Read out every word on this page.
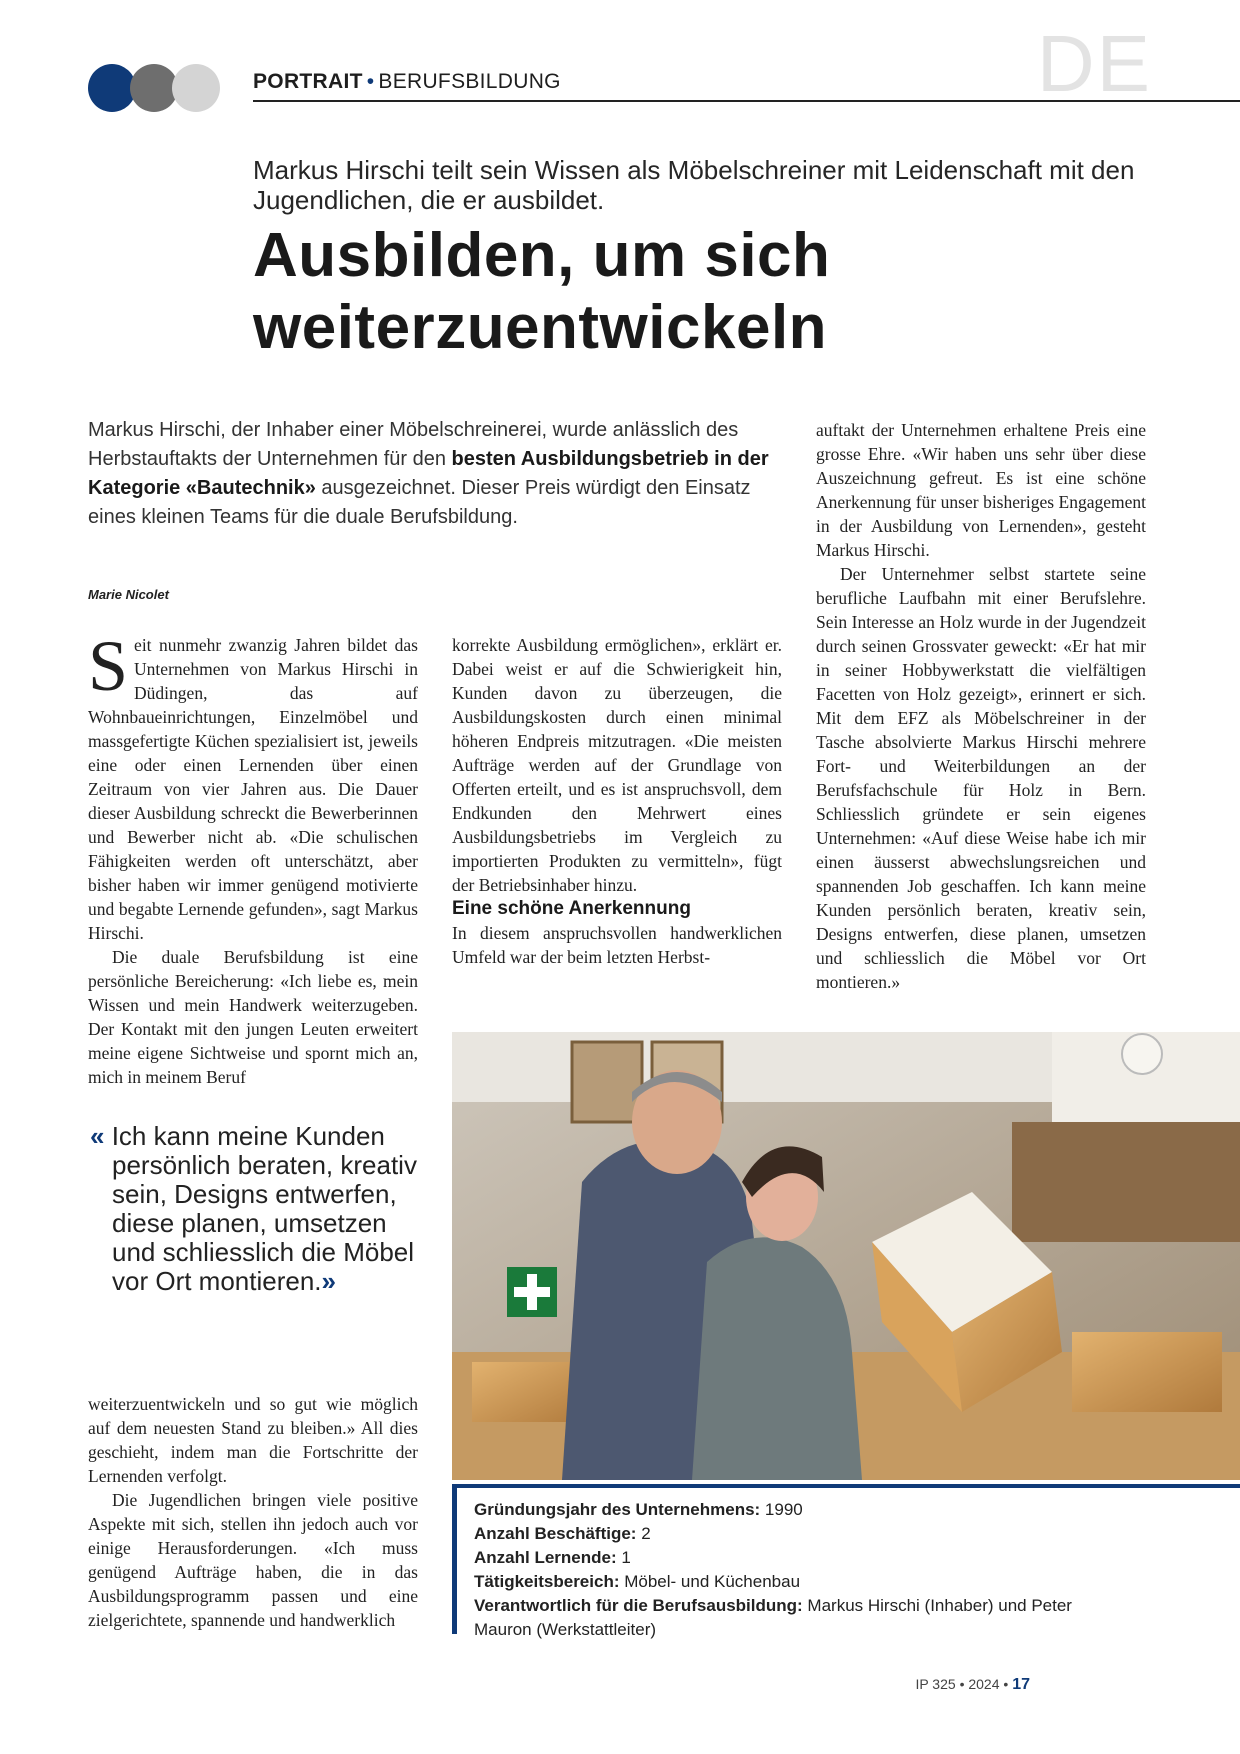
PORTRAIT • BERUFSBILDUNG	DE
Markus Hirschi teilt sein Wissen als Möbelschreiner mit Leidenschaft mit den Jugendlichen, die er ausbildet.
Ausbilden, um sich weiterzuentwickeln
Markus Hirschi, der Inhaber einer Möbelschreinerei, wurde anlässlich des Herbstauftakts der Unternehmen für den besten Ausbildungsbetrieb in der Kategorie «Bautechnik» ausgezeichnet. Dieser Preis würdigt den Einsatz eines kleinen Teams für die duale Berufsbildung.
Marie Nicolet

Seit nunmehr zwanzig Jahren bildet das Unternehmen von Markus Hirschi in Düdingen, das auf Wohnbaueinrichtungen, Einzelmöbel und massgefertigte Küchen spezialisiert ist, jeweils eine oder einen Lernenden über einen Zeitraum von vier Jahren aus. Die Dauer dieser Ausbildung schreckt die Bewerberinnen und Bewerber nicht ab. «Die schulischen Fähigkeiten werden oft unterschätzt, aber bisher haben wir immer genügend motivierte und begabte Lernende gefunden», sagt Markus Hirschi.

Die duale Berufsbildung ist eine persönliche Bereicherung: «Ich liebe es, mein Wissen und mein Handwerk weiterzugeben. Der Kontakt mit den jungen Leuten erweitert meine eigene Sichtweise und spornt mich an, mich in meinem Beruf

« Ich kann meine Kunden persönlich beraten, kreativ sein, Designs entwerfen, diese planen, umsetzen und schliesslich die Möbel vor Ort montieren.»

weiterzuentwickeln und so gut wie möglich auf dem neuesten Stand zu bleiben.» All dies geschieht, indem man die Fortschritte der Lernenden verfolgt.

Die Jugendlichen bringen viele positive Aspekte mit sich, stellen ihn jedoch auch vor einige Herausforderungen. «Ich muss genügend Aufträge haben, die in das Ausbildungsprogramm passen und eine zielgerichtete, spannende und handwerklich

korrekte Ausbildung ermöglichen», erklärt er. Dabei weist er auf die Schwierigkeit hin, Kunden davon zu überzeugen, die Ausbildungskosten durch einen minimal höheren Endpreis mitzutragen. «Die meisten Aufträge werden auf der Grundlage von Offerten erteilt, und es ist anspruchsvoll, dem Endkunden den Mehrwert eines Ausbildungsbetriebs im Vergleich zu importierten Produkten zu vermitteln», fügt der Betriebsinhaber hinzu.

Eine schöne Anerkennung

In diesem anspruchsvollen handwerklichen Umfeld war der beim letzten Herbst-

auftakt der Unternehmen erhaltene Preis eine grosse Ehre. «Wir haben uns sehr über diese Auszeichnung gefreut. Es ist eine schöne Anerkennung für unser bisheriges Engagement in der Ausbildung von Lernenden», gesteht Markus Hirschi.

Der Unternehmer selbst startete seine berufliche Laufbahn mit einer Berufslehre. Sein Interesse an Holz wurde in der Jugendzeit durch seinen Grossvater geweckt: «Er hat mir in seiner Hobbywerkstatt die vielfältigen Facetten von Holz gezeigt», erinnert er sich. Mit dem EFZ als Möbelschreiner in der Tasche absolvierte Markus Hirschi mehrere Fort- und Weiterbildungen an der Berufsfachschule für Holz in Bern. Schliesslich gründete er sein eigenes Unternehmen: «Auf diese Weise habe ich mir einen äusserst abwechslungsreichen und spannenden Job geschaffen. Ich kann meine Kunden persönlich beraten, kreativ sein, Designs entwerfen, diese planen, umsetzen und schliesslich die Möbel vor Ort montieren.»

Gründungsjahr des Unternehmens: 1990
Anzahl Beschäftige: 2
Anzahl Lernende: 1
Tätigkeitsbereich: Möbel- und Küchenbau
Verantwortlich für die Berufsausbildung: Markus Hirschi (Inhaber) und Peter Mauron (Werkstattleiter)
IP 325 • 2024 • 17
